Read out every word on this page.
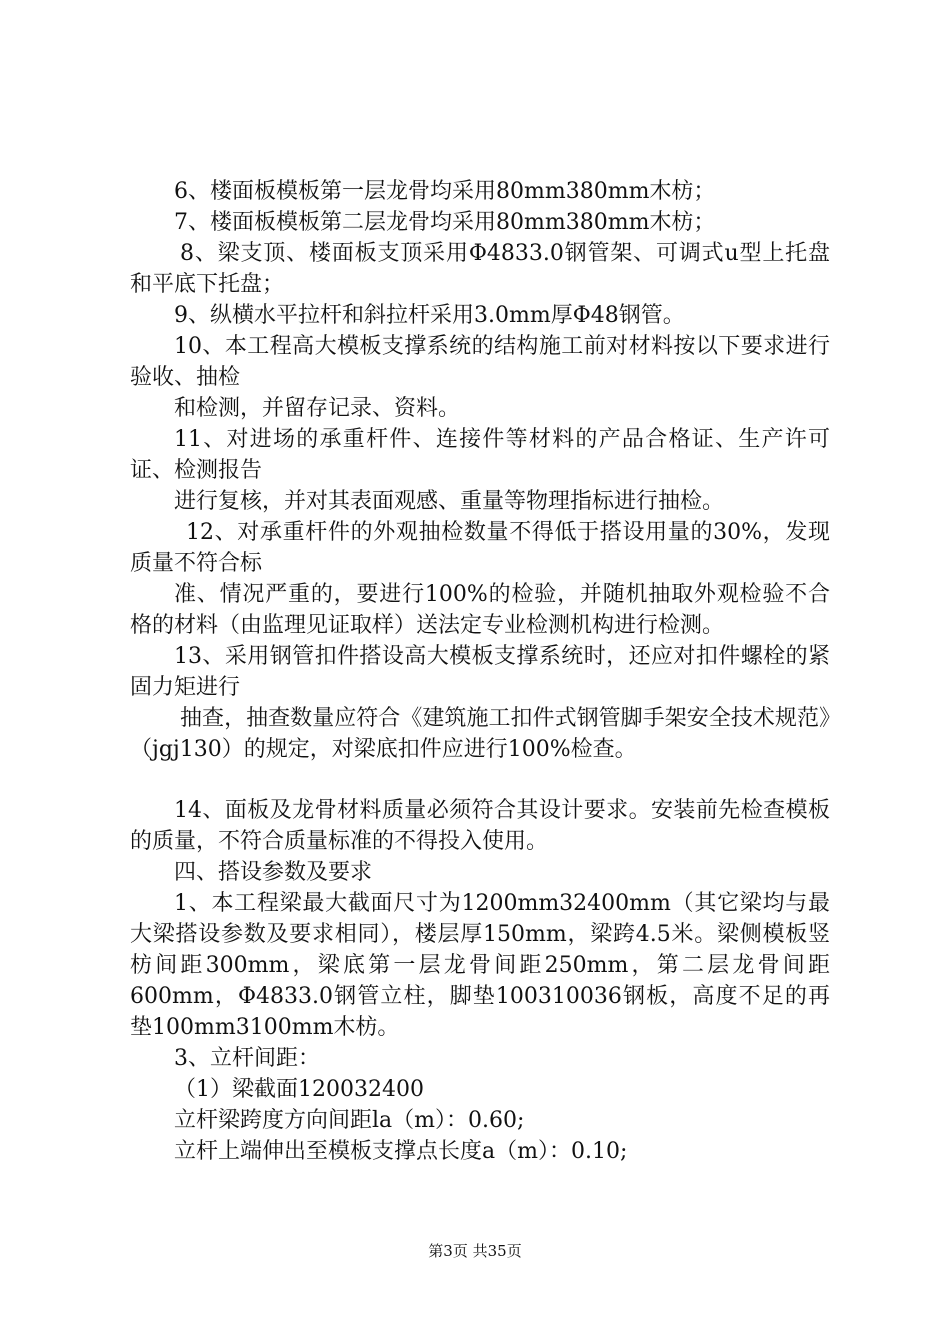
6、楼面板模板第一层龙骨均采用80mm380mm木枋；

7、楼面板模板第二层龙骨均采用80mm380mm木枋；

8、梁支顶、楼面板支顶采用Φ4833.0钢管架、可调式u型上托盘和平底下托盘；

9、纵横水平拉杆和斜拉杆采用3.0mm厚Φ48钢管。

10、本工程高大模板支撑系统的结构施工前对材料按以下要求进行验收、抽检

和检测，并留存记录、资料。

11、对进场的承重杆件、连接件等材料的产品合格证、生产许可证、检测报告

进行复核，并对其表面观感、重量等物理指标进行抽检。

12、对承重杆件的外观抽检数量不得低于搭设用量的30%，发现质量不符合标

准、情况严重的，要进行100%的检验，并随机抽取外观检验不合格的材料（由监理见证取样）送法定专业检测机构进行检测。

13、采用钢管扣件搭设高大模板支撑系统时，还应对扣件螺栓的紧固力矩进行

抽查，抽查数量应符合《建筑施工扣件式钢管脚手架安全技术规范》（jgj130）的规定，对梁底扣件应进行100%检查。

14、面板及龙骨材料质量必须符合其设计要求。安装前先检查模板的质量，不符合质量标准的不得投入使用。

四、搭设参数及要求

1、本工程梁最大截面尺寸为1200mm32400mm（其它梁均与最大梁搭设参数及要求相同），楼层厚150mm，梁跨4.5米。梁侧模板竖枋间距300mm，梁底第一层龙骨间距250mm，第二层龙骨间距600mm，Φ4833.0钢管立柱，脚垫100310036钢板，高度不足的再垫100mm3100mm木枋。

3、立杆间距：

（1）梁截面120032400

立杆梁跨度方向间距la（m）：0.60;

立杆上端伸出至模板支撑点长度a（m）：0.10;

第3页 共35页
